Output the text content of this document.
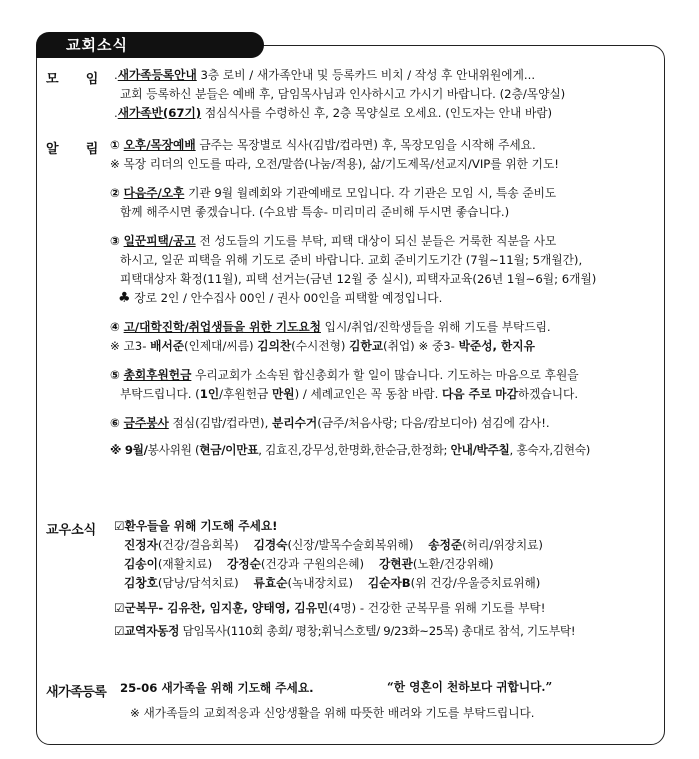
교회소식
모      임 .새가족등록안내 3층 로비 / 새가족안내 및 등록카드 비치 / 작성 후 안내위원에게...
교회 등록하신 분들은 예배 후, 담임목사님과 인사하시고 가시기 바랍니다. (2층/목양실)
.새가족반(67기) 점심식사를 수령하신 후, 2층 목양실로 오세요. (인도자는 안내 바람)
알      림 ① 오후/목장예배 금주는 목장별로 식사(김밥/컵라면) 후, 목장모임을 시작해 주세요.
※ 목장 리더의 인도를 따라, 오전/말씀(나눔/적용), 삶/기도제목/선교지/VIP를 위한 기도!
② 다음주/오후 기관 9월 월례회와 기관예배로 모입니다. 각 기관은 모임 시, 특송 준비도
함께 해주시면 좋겠습니다. (수요밤 특송- 미리미리 준비해 두시면 좋습니다.)
③ 일꾼피택/공고 전 성도들의 기도를 부탁, 피택 대상이 되신 분들은 거룩한 직분을 사모
하시고, 일꾼 피택을 위해 기도로 준비 바랍니다. 교회 준비기도기간 (7월~11월; 5개월간),
피택대상자 확정(11월), 피택 선거는(금년 12월 중 실시), 피택자교육(26년 1월~6월; 6개월)
♣ 장로 2인 / 안수집사 00인 / 권사 00인을 피택할 예정입니다.
④ 고/대학진학/취업생들을 위한 기도요청 입시/취업/진학생들을 위해 기도를 부탁드림.
※ 고3- 배서준(인제대/씨름) 김의찬(수시전형) 김한교(취업) ※ 중3- 박준성, 한지유
⑤ 총회후원헌금 우리교회가 소속된 합신총회가 할 일이 많습니다. 기도하는 마음으로 후원을
부탁드립니다. (1인/후원헌금 만원) / 세례교인은 꼭 동참 바람. 다음 주로 마감하겠습니다.
⑥ 금주봉사 점심(김밥/컵라면), 분리수거(금주/처음사랑; 다음/캄보디아) 섬김에 감사!.
※ 9월/봉사위원 (현금/이만표, 김효진,강무성,한명화,한순금,한정화; 안내/박주칠, 홍숙자,김현숙)
교우소식 ☑환우들을 위해 기도해 주세요!
진정자(건강/걸음회복) 김경숙(신장/발목수술회복위해) 송정준(허리/위장치료)
김송이(재활치료) 강정순(건강과 구원의은혜) 강현관(노환/건강위해)
김창호(담낭/담석치료) 류효순(녹내장치료) 김순자B(위 건강/우울증치료위해)
☑군복무- 김유찬, 임지훈, 양태영, 김유민(4명) - 건강한 군복무를 위해 기도를 부탁!
☑교역자동정 담임목사(110회 총회/ 평창;휘닉스호텔/ 9/23화~25목) 총대로 참석, 기도부탁!
새가족등록 25-06 새가족을 위해 기도해 주세요.	“한 영혼이 천하보다 귀합니다.”
※ 새가족들의 교회적응과 신앙생활을 위해 따뜻한 배려와 기도를 부탁드립니다.
